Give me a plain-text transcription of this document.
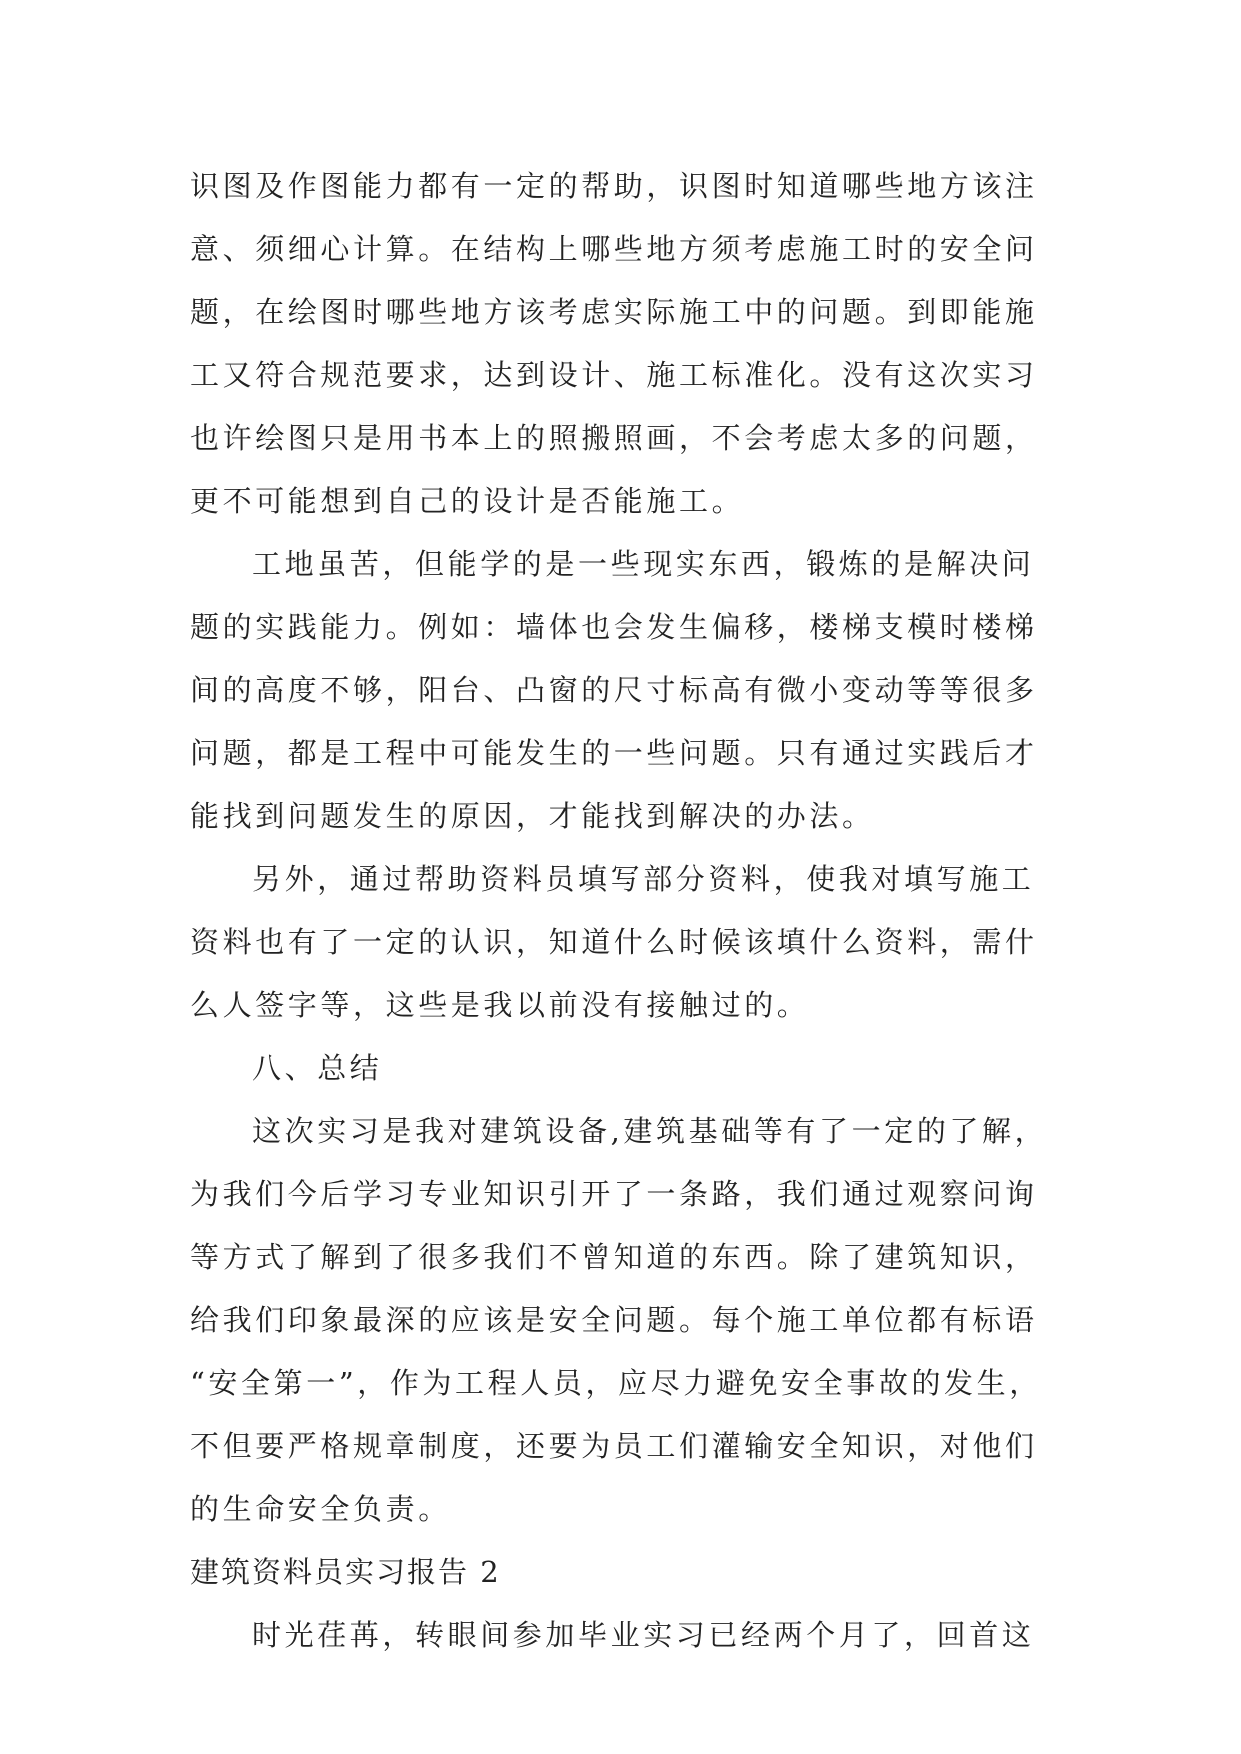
识图及作图能力都有一定的帮助，识图时知道哪些地方该注
意、须细心计算。在结构上哪些地方须考虑施工时的安全问
题，在绘图时哪些地方该考虑实际施工中的问题。到即能施
工又符合规范要求，达到设计、施工标准化。没有这次实习
也许绘图只是用书本上的照搬照画，不会考虑太多的问题，
更不可能想到自己的设计是否能施工。
工地虽苦，但能学的是一些现实东西，锻炼的是解决问
题的实践能力。例如：墙体也会发生偏移，楼梯支模时楼梯
间的高度不够，阳台、凸窗的尺寸标高有微小变动等等很多
问题，都是工程中可能发生的一些问题。只有通过实践后才
能找到问题发生的原因，才能找到解决的办法。
另外，通过帮助资料员填写部分资料，使我对填写施工
资料也有了一定的认识，知道什么时候该填什么资料，需什
么人签字等，这些是我以前没有接触过的。
八、总结
这次实习是我对建筑设备,建筑基础等有了一定的了解，
为我们今后学习专业知识引开了一条路，我们通过观察问询
等方式了解到了很多我们不曾知道的东西。除了建筑知识，
给我们印象最深的应该是安全问题。每个施工单位都有标语
“安全第一”，作为工程人员，应尽力避免安全事故的发生，
不但要严格规章制度，还要为员工们灌输安全知识，对他们
的生命安全负责。
建筑资料员实习报告 2
时光荏苒，转眼间参加毕业实习已经两个月了，回首这
